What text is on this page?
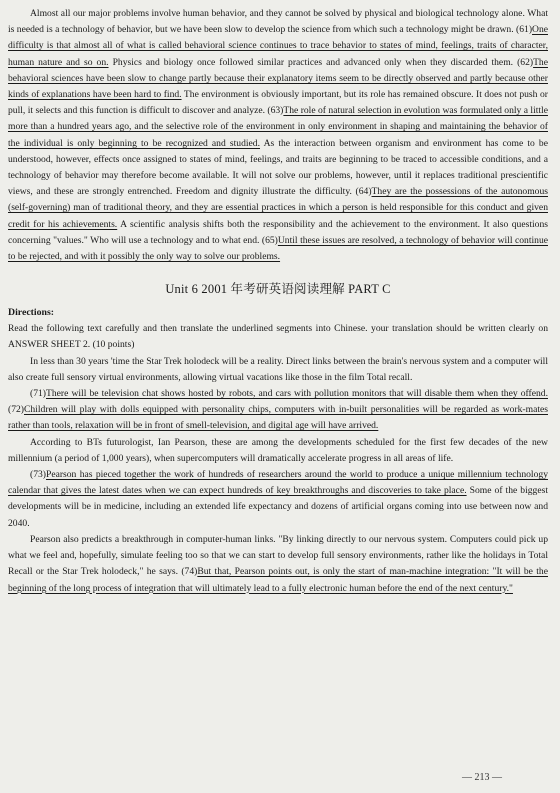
Almost all our major problems involve human behavior, and they cannot be solved by physical and biological technology alone. What is needed is a technology of behavior, but we have been slow to develop the science from which such a technology might be drawn. (61)One difficulty is that almost all of what is called behavioral science continues to trace behavior to states of mind, feelings, traits of character, human nature and so on. Physics and biology once followed similar practices and advanced only when they discarded them. (62)The behavioral sciences have been slow to change partly because their explanatory items seem to be directly observed and partly because other kinds of explanations have been hard to find. The environment is obviously important, but its role has remained obscure. It does not push or pull, it selects and this function is difficult to discover and analyze. (63)The role of natural selection in evolution was formulated only a little more than a hundred years ago, and the selective role of the environment in only environment in shaping and maintaining the behavior of the individual is only beginning to be recognized and studied. As the interaction between organism and environment has come to be understood, however, effects once assigned to states of mind, feelings, and traits are beginning to be traced to accessible conditions, and a technology of behavior may therefore become available. It will not solve our problems, however, until it replaces traditional prescientific views, and these are strongly entrenched. Freedom and dignity illustrate the difficulty. (64)They are the possessions of the autonomous (self-governing) man of traditional theory, and they are essential practices in which a person is held responsible for this conduct and given credit for his achievements. A scientific analysis shifts both the responsibility and the achievement to the environment. It also questions concerning "values." Who will use a technology and to what end. (65)Until these issues are resolved, a technology of behavior will continue to be rejected, and with it possibly the only way to solve our problems.

Unit 6 2001 年考研英语阅读理解 PART C
Directions:

Read the following text carefully and then translate the underlined segments into Chinese. your translation should be written clearly on ANSWER SHEET 2. (10 points)

In less than 30 years 'time the Star Trek holodeck will be a reality. Direct links between the brain's nervous system and a computer will also create full sensory virtual environments, allowing virtual vacations like those in the film Total recall.

(71)There will be television chat shows hosted by robots, and cars with pollution monitors that will disable them when they offend. (72)Children will play with dolls equipped with personality chips, computers with in-built personalities will be regarded as work-mates rather than tools, relaxation will be in front of smell-television, and digital age will have arrived.

According to BTs futurologist, Ian Pearson, these are among the developments scheduled for the first few decades of the new millennium (a period of 1,000 years), when supercomputers will dramatically accelerate progress in all areas of life.

(73)Pearson has pieced together the work of hundreds of researchers around the world to produce a unique millennium technology calendar that gives the latest dates when we can expect hundreds of key breakthroughs and discoveries to take place. Some of the biggest developments will be in medicine, including an extended life expectancy and dozens of artificial organs coming into use between now and 2040.

Pearson also predicts a breakthrough in computer-human links. "By linking directly to our nervous system. Computers could pick up what we feel and, hopefully, simulate feeling too so that we can start to develop full sensory environments, rather like the holidays in Total Recall or the Star Trek holodeck," he says. (74)But that, Pearson points out, is only the start of man-machine integration: "It will be the beginning of the long process of integration that will ultimately lead to a fully electronic human before the end of the next century."

— 213 —
